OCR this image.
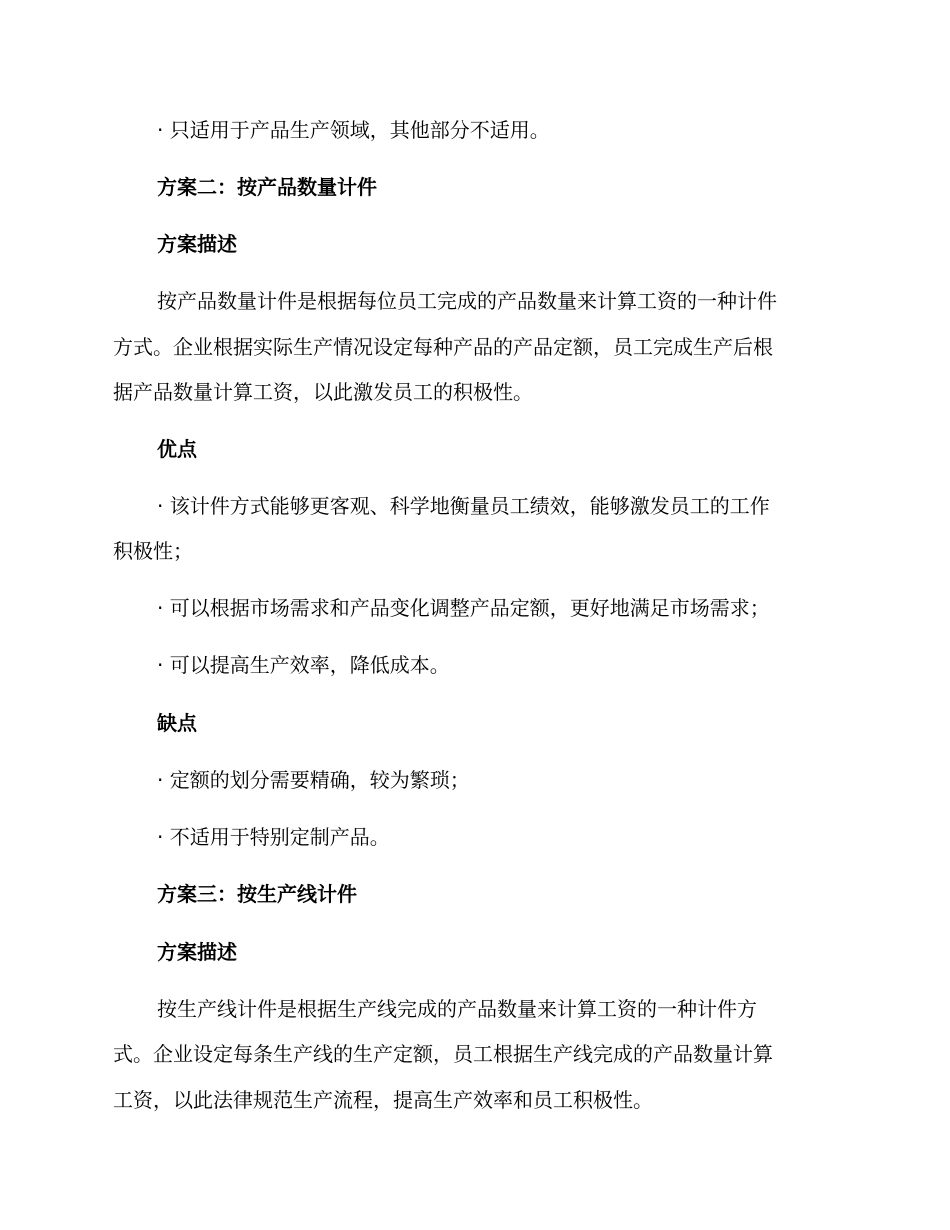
· 只适用于产品生产领域，其他部分不适用。
方案二：按产品数量计件
方案描述
按产品数量计件是根据每位员工完成的产品数量来计算工资的一种计件
方式。企业根据实际生产情况设定每种产品的产品定额，员工完成生产后根
据产品数量计算工资，以此激发员工的积极性。
优点
· 该计件方式能够更客观、科学地衡量员工绩效，能够激发员工的工作
积极性；
· 可以根据市场需求和产品变化调整产品定额，更好地满足市场需求；
· 可以提高生产效率，降低成本。
缺点
· 定额的划分需要精确，较为繁琐；
· 不适用于特别定制产品。
方案三：按生产线计件
方案描述
按生产线计件是根据生产线完成的产品数量来计算工资的一种计件方
式。企业设定每条生产线的生产定额，员工根据生产线完成的产品数量计算
工资，以此法律规范生产流程，提高生产效率和员工积极性。
